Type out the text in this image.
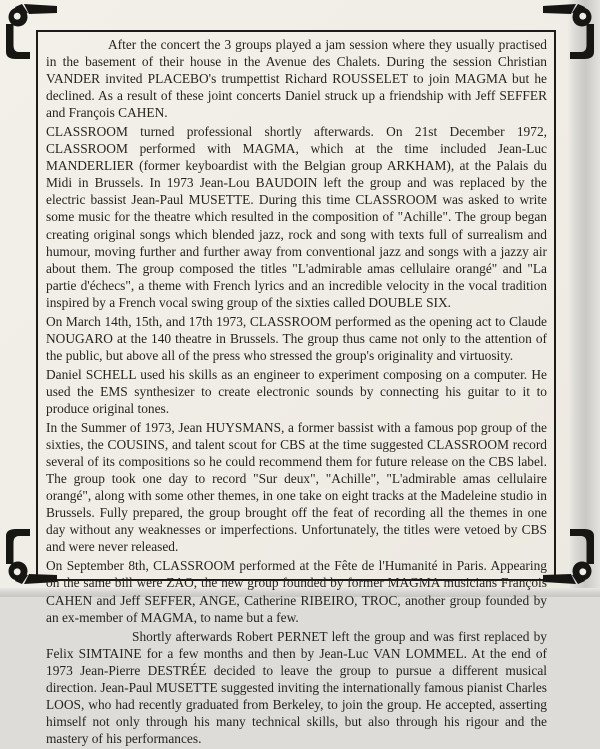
After the concert the 3 groups played a jam session where they usually practised in the basement of their house in the Avenue des Chalets. During the session Christian VANDER invited PLACEBO's trumpettist Richard ROUSSELET to join MAGMA but he declined. As a result of these joint concerts Daniel struck up a friendship with Jeff SEFFER and François CAHEN.

CLASSROOM turned professional shortly afterwards. On 21st December 1972, CLASSROOM performed with MAGMA, which at the time included Jean-Luc MANDERLIER (former keyboardist with the Belgian group ARKHAM), at the Palais du Midi in Brussels. In 1973 Jean-Lou BAUDOIN left the group and was replaced by the electric bassist Jean-Paul MUSETTE. During this time CLASSROOM was asked to write some music for the theatre which resulted in the composition of "Achille". The group began creating original songs which blended jazz, rock and song with texts full of surrealism and humour, moving further and further away from conventional jazz and songs with a jazzy air about them. The group composed the titles "L'admirable amas cellulaire orangé" and "La partie d'échecs", a theme with French lyrics and an incredible velocity in the vocal tradition inspired by a French vocal swing group of the sixties called DOUBLE SIX.

On March 14th, 15th, and 17th 1973, CLASSROOM performed as the opening act to Claude NOUGARO at the 140 theatre in Brussels. The group thus came not only to the attention of the public, but above all of the press who stressed the group's originality and virtuosity.

Daniel SCHELL used his skills as an engineer to experiment composing on a computer. He used the EMS synthesizer to create electronic sounds by connecting his guitar to it to produce original tones.

In the Summer of 1973, Jean HUYSMANS, a former bassist with a famous pop group of the sixties, the COUSINS, and talent scout for CBS at the time suggested CLASSROOM record several of its compositions so he could recommend them for future release on the CBS label. The group took one day to record "Sur deux", "Achille", "L'admirable amas cellulaire orangé", along with some other themes, in one take on eight tracks at the Madeleine studio in Brussels. Fully prepared, the group brought off the feat of recording all the themes in one day without any weaknesses or imperfections. Unfortunately, the titles were vetoed by CBS and were never released.

On September 8th, CLASSROOM performed at the Fête de l'Humanité in Paris. Appearing on the same bill were ZAO, the new group founded by former MAGMA musicians François CAHEN and Jeff SEFFER, ANGE, Catherine RIBEIRO, TROC, another group founded by an ex-member of MAGMA, to name but a few.

Shortly afterwards Robert PERNET left the group and was first replaced by Felix SIMTAINE for a few months and then by Jean-Luc VAN LOMMEL. At the end of 1973 Jean-Pierre DESTRÉE decided to leave the group to pursue a different musical direction. Jean-Paul MUSETTE suggested inviting the internationally famous pianist Charles LOOS, who had recently graduated from Berkeley, to join the group. He accepted, asserting himself not only through his many technical skills, but also through his rigour and the mastery of his performances.
